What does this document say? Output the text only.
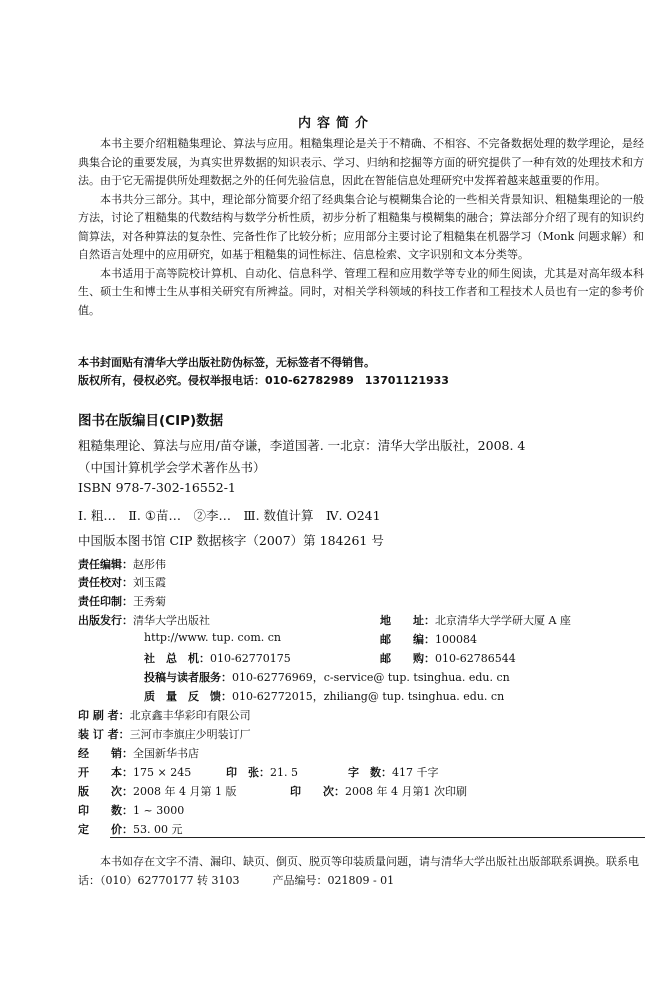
内容简介

本书主要介绍粗糙集理论、算法与应用。粗糙集理论是关于不精确、不相容、不完备数据处理的数学理论，是经典集合论的重要发展，为真实世界数据的知识表示、学习、归纳和挖掘等方面的研究提供了一种有效的处理技术和方法。由于它无需提供所处理数据之外的任何先验信息，因此在智能信息处理研究中发挥着越来越重要的作用。

本书共分三部分。其中，理论部分简要介绍了经典集合论与模糊集合论的一些相关背景知识、粗糙集理论的一般方法，讨论了粗糙集的代数结构与数学分析性质，初步分析了粗糙集与模糊集的融合；算法部分介绍了现有的知识约简算法，对各种算法的复杂性、完备性作了比较分析；应用部分主要讨论了粗糙集在机器学习（Monk 问题求解）和自然语言处理中的应用研究，如基于粗糙集的词性标注、信息检索、文字识别和文本分类等。

本书适用于高等院校计算机、自动化、信息科学、管理工程和应用数学等专业的师生阅读，尤其是对高年级本科生、硕士生和博士生从事相关研究有所裨益。同时，对相关学科领域的科技工作者和工程技术人员也有一定的参考价值。

本书封面贴有清华大学出版社防伪标签，无标签者不得销售。
版权所有，侵权必究。侵权举报电话：010-62782989　13701121933
图书在版编目(CIP)数据
粗糙集理论、算法与应用/苗夺谦，李道国著. 一北京：清华大学出版社，2008. 4
（中国计算机学会学术著作丛书）
ISBN 978-7-302-16552-1
Ⅰ. 粗…　Ⅱ. ①苗…　②李…　Ⅲ. 数值计算　Ⅳ. O241
中国版本图书馆 CIP 数据核字（2007）第 184261 号
责任编辑：赵彤伟
责任校对：刘玉霞
责任印制：王秀菊
出版发行：清华大学出版社	地　　址：北京清华大学学研大厦 A 座
http://www. tup. com. cn	邮　　编：100084
社　总　机：010-62770175	邮　　购：010-62786544
投稿与读者服务：010-62776969，c-service@ tup. tsinghua. edu. cn
质　量　反　馈：010-62772015，zhiliang@ tup. tsinghua. edu. cn
印 刷 者：北京鑫丰华彩印有限公司
装 订 者：三河市李旗庄少明装订厂
经　　销：全国新华书店
开　　本：175 × 245	印　张：21. 5	字　数：417 千字
版　　次：2008 年 4 月第 1 版	印　　次：2008 年 4 月第1 次印刷
印　　数：1 ~ 3000
定　　价：53. 00 元

本书如存在文字不清、漏印、缺页、倒页、脱页等印装质量问题，请与清华大学出版社出版部联系调换。联系电话：（010）62770177 转 3103　　　产品编号：021809 - 01
